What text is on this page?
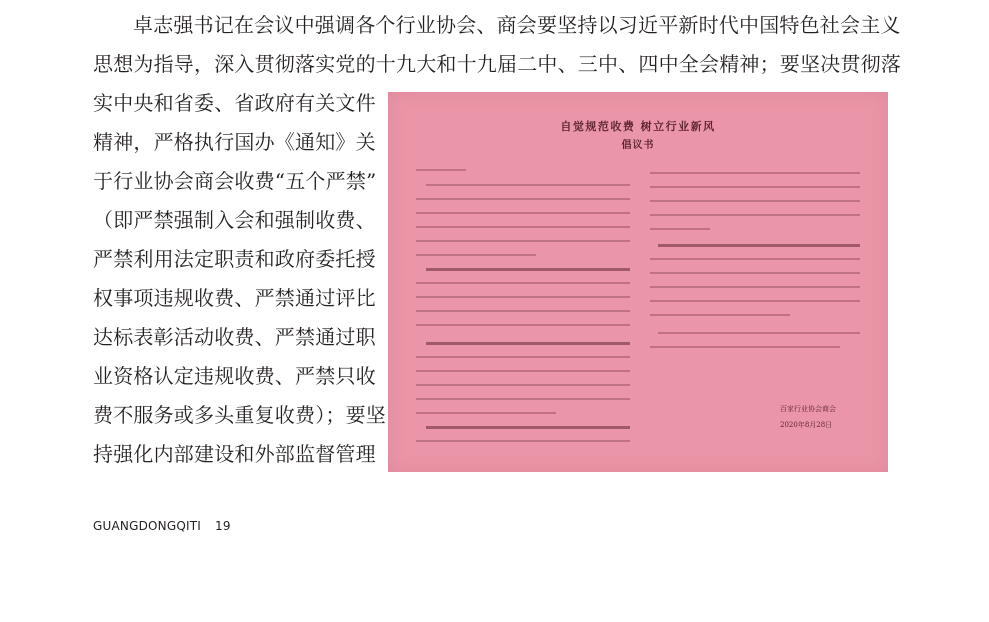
卓志强书记在会议中强调各个行业协会、商会要坚持以习近平新时代中国特色社会主义
思想为指导，深入贯彻落实党的十九大和十九届二中、三中、四中全会精神；要坚决贯彻落
实中央和省委、省政府有关文件
精神，严格执行国办《通知》关
于行业协会商会收费“五个严禁”
（即严禁强制入会和强制收费、
严禁利用法定职责和政府委托授
权事项违规收费、严禁通过评比
达标表彰活动收费、严禁通过职
业资格认定违规收费、严禁只收
费不服务或多头重复收费）；要坚
持强化内部建设和外部监督管理
自觉规范收费 树立行业新风
倡议书
百家行业协会商会
2020年8月28日
GUANGDONGQITI 19
